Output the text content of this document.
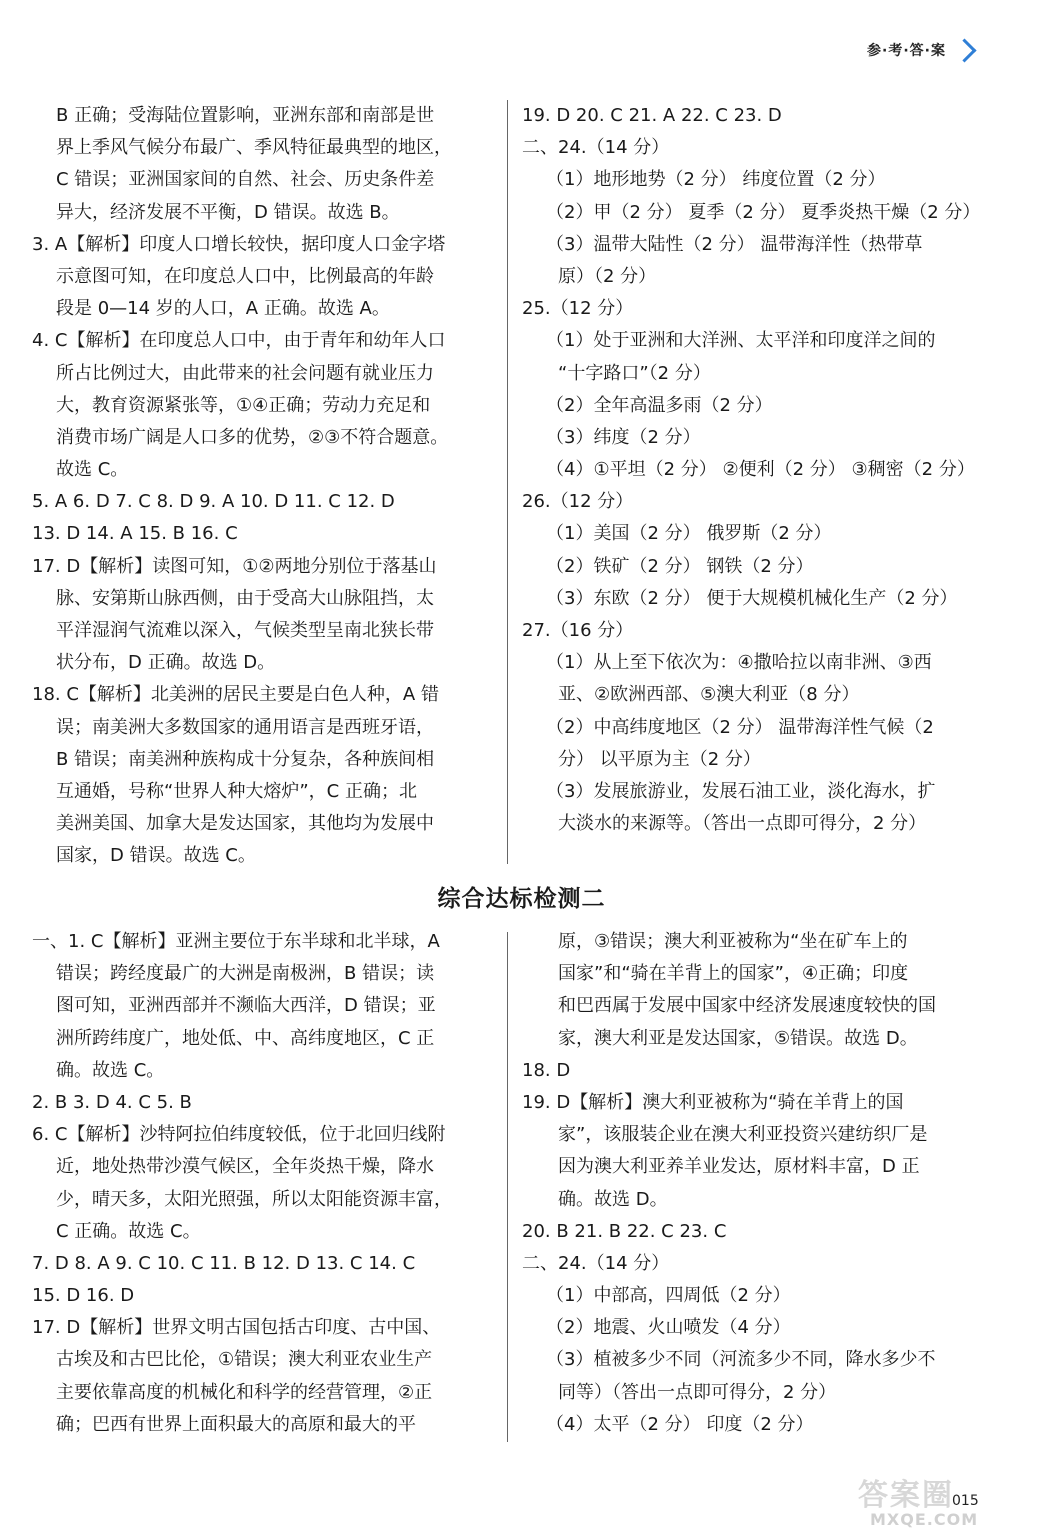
参·考·答·案
B 正确；受海陆位置影响，亚洲东部和南部是世
界上季风气候分布最广、季风特征最典型的地区，
C 错误；亚洲国家间的自然、社会、历史条件差
异大，经济发展不平衡，D 错误。故选 B。
3. A【解析】印度人口增长较快，据印度人口金字塔
示意图可知，在印度总人口中，比例最高的年龄
段是 0—14 岁的人口，A 正确。故选 A。
4. C【解析】在印度总人口中，由于青年和幼年人口
所占比例过大，由此带来的社会问题有就业压力
大，教育资源紧张等，①④正确；劳动力充足和
消费市场广阔是人口多的优势，②③不符合题意。
故选 C。
5. A 6. D 7. C 8. D 9. A 10. D 11. C 12. D
13. D 14. A 15. B 16. C
17. D【解析】读图可知，①②两地分别位于落基山
脉、安第斯山脉西侧，由于受高大山脉阻挡，太
平洋湿润气流难以深入，气候类型呈南北狭长带
状分布，D 正确。故选 D。
18. C【解析】北美洲的居民主要是白色人种，A 错
误；南美洲大多数国家的通用语言是西班牙语，
B 错误；南美洲种族构成十分复杂，各种族间相
互通婚，号称“世界人种大熔炉”，C 正确；北
美洲美国、加拿大是发达国家，其他均为发展中
国家，D 错误。故选 C。
19. D 20. C 21. A 22. C 23. D
二、24.（14 分）
（1）地形地势（2 分） 纬度位置（2 分）
（2）甲（2 分） 夏季（2 分） 夏季炎热干燥（2 分）
（3）温带大陆性（2 分） 温带海洋性（热带草
原）（2 分）
25.（12 分）
（1）处于亚洲和大洋洲、太平洋和印度洋之间的
“十字路口”（2 分）
（2）全年高温多雨（2 分）
（3）纬度（2 分）
（4）①平坦（2 分） ②便利（2 分） ③稠密（2 分）
26.（12 分）
（1）美国（2 分） 俄罗斯（2 分）
（2）铁矿（2 分） 钢铁（2 分）
（3）东欧（2 分） 便于大规模机械化生产（2 分）
27.（16 分）
（1）从上至下依次为：④撒哈拉以南非洲、③西
亚、②欧洲西部、⑤澳大利亚（8 分）
（2）中高纬度地区（2 分） 温带海洋性气候（2
分） 以平原为主（2 分）
（3）发展旅游业，发展石油工业，淡化海水，扩
大淡水的来源等。（答出一点即可得分，2 分）
综合达标检测二
一、1. C【解析】亚洲主要位于东半球和北半球，A
错误；跨经度最广的大洲是南极洲，B 错误；读
图可知，亚洲西部并不濒临大西洋，D 错误；亚
洲所跨纬度广，地处低、中、高纬度地区，C 正
确。故选 C。
2. B 3. D 4. C 5. B
6. C【解析】沙特阿拉伯纬度较低，位于北回归线附
近，地处热带沙漠气候区，全年炎热干燥，降水
少，晴天多，太阳光照强，所以太阳能资源丰富，
C 正确。故选 C。
7. D 8. A 9. C 10. C 11. B 12. D 13. C 14. C
15. D 16. D
17. D【解析】世界文明古国包括古印度、古中国、
古埃及和古巴比伦，①错误；澳大利亚农业生产
主要依靠高度的机械化和科学的经营管理，②正
确；巴西有世界上面积最大的高原和最大的平
原，③错误；澳大利亚被称为“坐在矿车上的
国家”和“骑在羊背上的国家”，④正确；印度
和巴西属于发展中国家中经济发展速度较快的国
家，澳大利亚是发达国家，⑤错误。故选 D。
18. D
19. D【解析】澳大利亚被称为“骑在羊背上的国
家”，该服装企业在澳大利亚投资兴建纺织厂是
因为澳大利亚养羊业发达，原材料丰富，D 正
确。故选 D。
20. B 21. B 22. C 23. C
二、24.（14 分）
（1）中部高，四周低（2 分）
（2）地震、火山喷发（4 分）
（3）植被多少不同（河流多少不同，降水多少不
同等）（答出一点即可得分，2 分）
（4）太平（2 分） 印度（2 分）
答案圈
MXQE.COM
015
